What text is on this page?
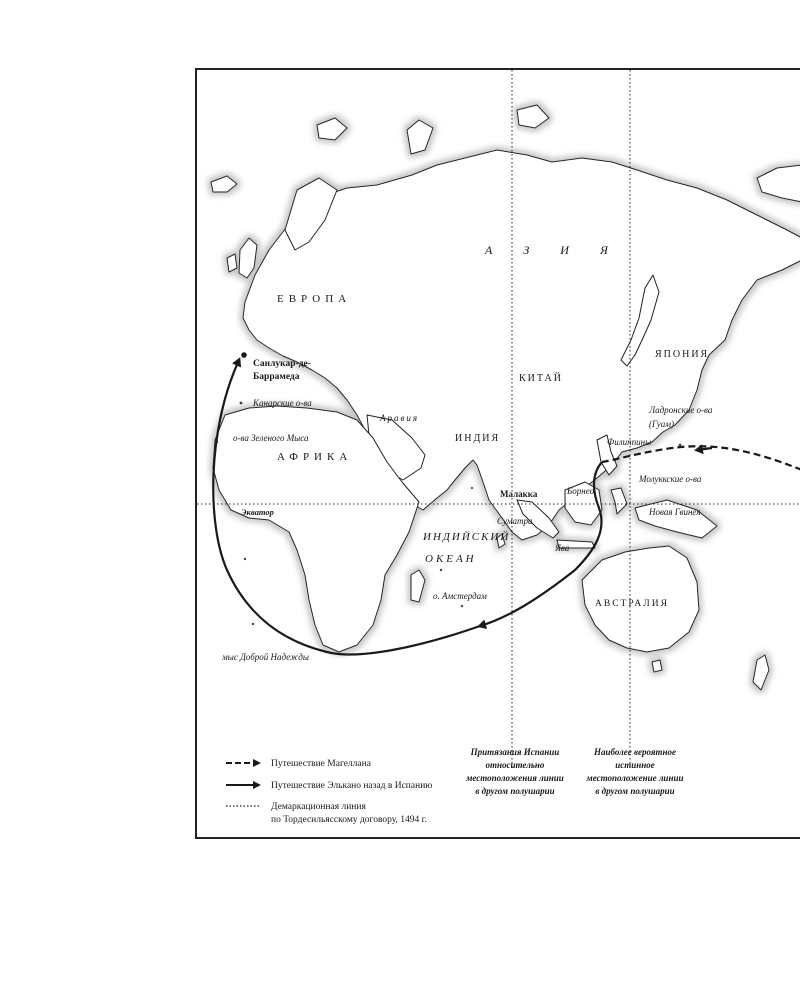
А З И Я
ЕВРОПА
АФРИКА
Аравия
ИНДИЯ
КИТАЙ
ЯПОНИЯ
Санлукар-де-
Баррамеда
Канарские о-ва
о-ва Зеленого Мыса
Экватор
Ладронские о-ва
(Гуам)
Филиппины
Молуккские о-ва
Малакка	Борнео
Новая Гвинея
Суматра
Ява
ИНДИЙСКИЙ
ОКЕАН
о. Амстердам
АВСТРАЛИЯ
мыс Доброй Надежды
Притязания Испании
относительно
местоположения линии
в другом полушарии
Наиболее вероятное
истинное
местоположение линии
в другом полушарии
Путешествие Магеллана
Путешествие Элькано назад в Испанию
Демаркационная линия
по Тордесильясскому договору, 1494 г.
